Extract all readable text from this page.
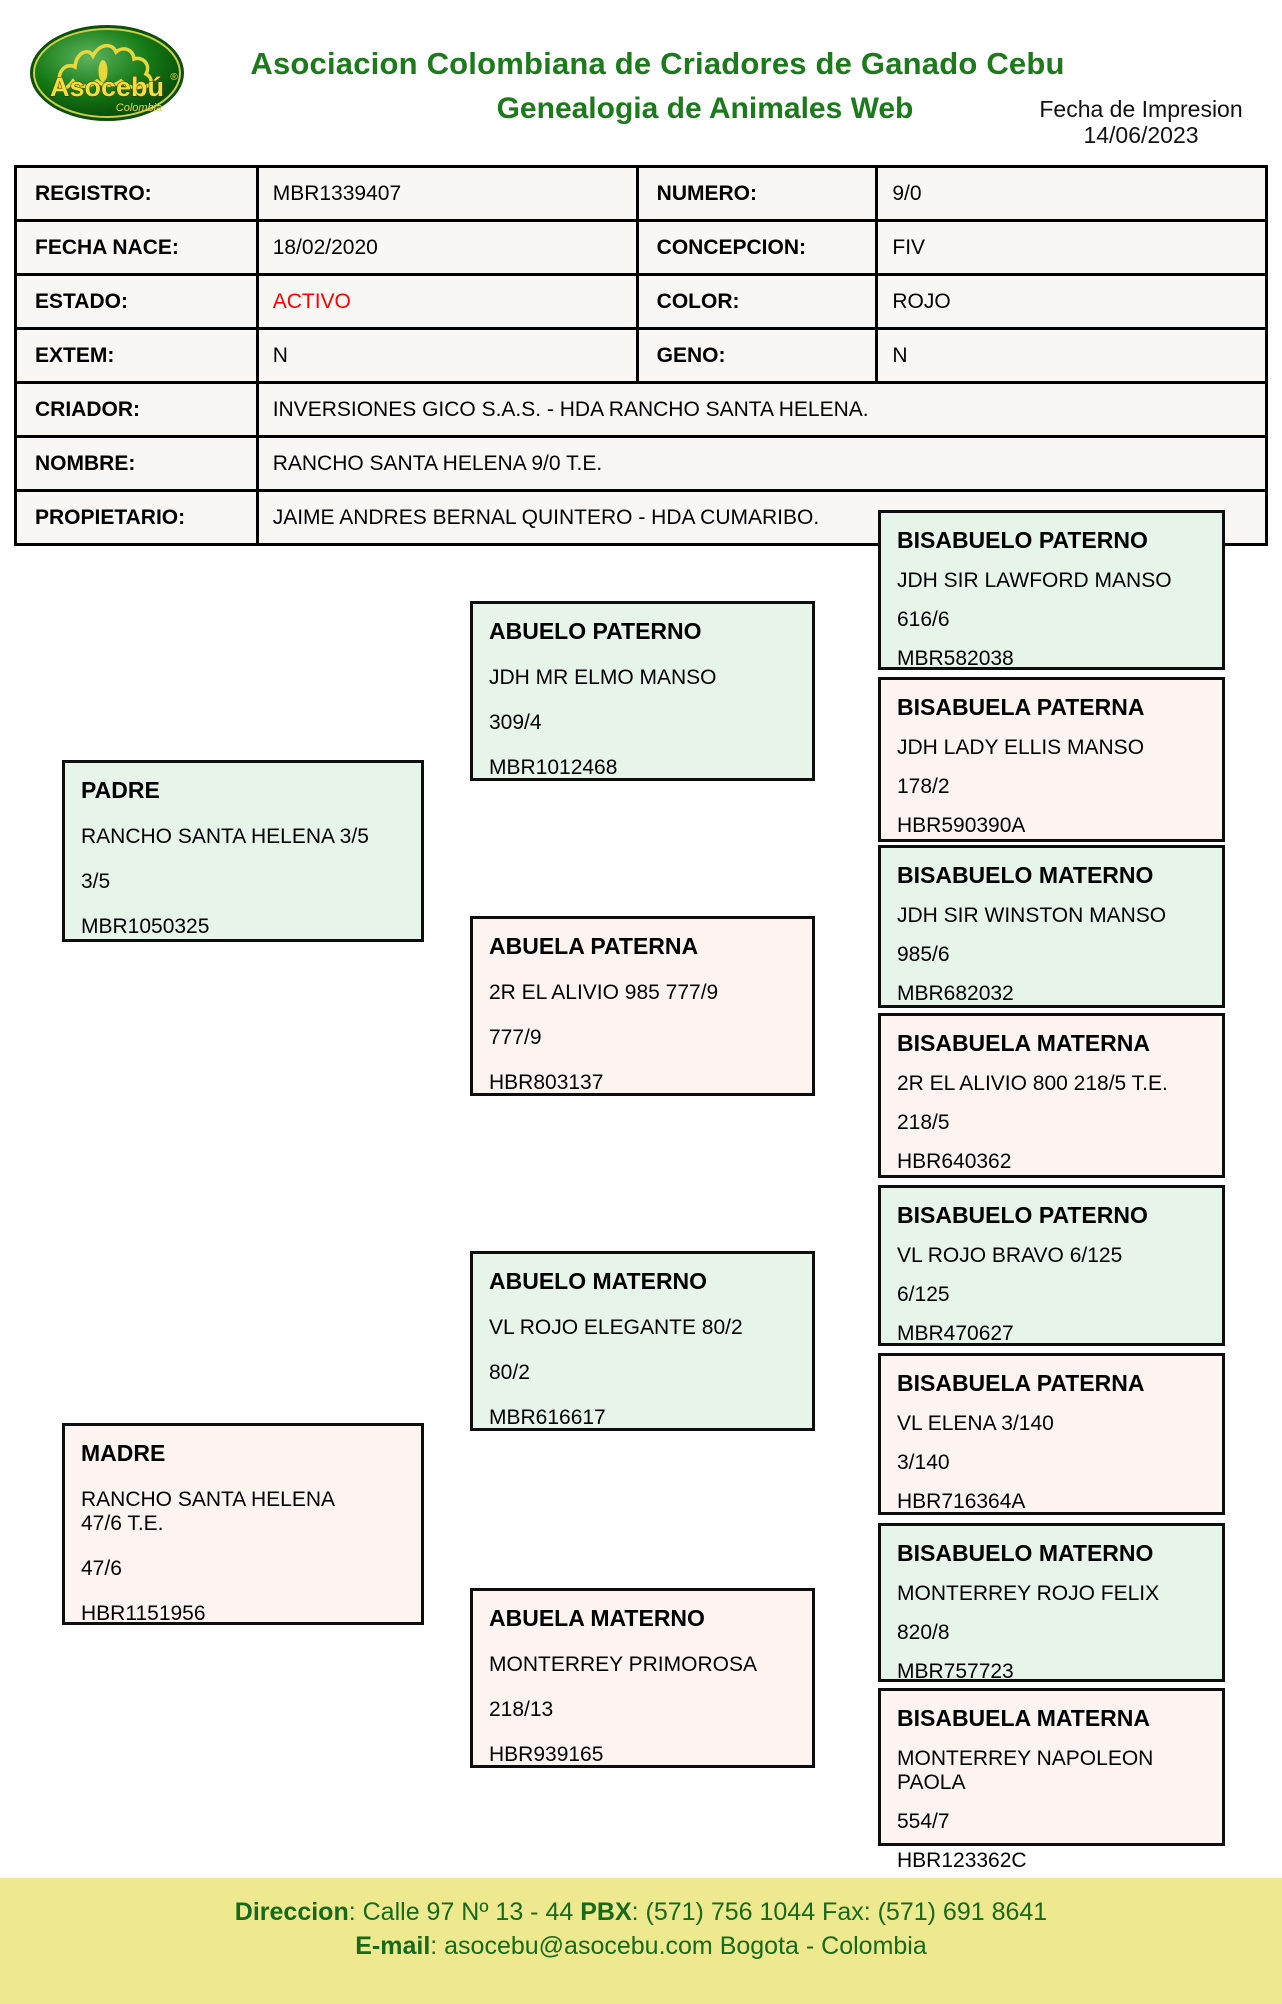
Asocebú ®
Colombia
Asociacion Colombiana de Criadores de Ganado Cebu
Genealogia de Animales Web	Fecha de Impresion
14/06/2023
REGISTRO:	MBR1339407	NUMERO:	9/0
FECHA NACE:	18/02/2020	CONCEPCION:	FIV
ESTADO:	ACTIVO	COLOR:	ROJO
EXTEM:	N	GENO:	N
CRIADOR:	INVERSIONES GICO S.A.S. - HDA RANCHO SANTA HELENA.		
NOMBRE:	RANCHO SANTA HELENA 9/0 T.E.		
PROPIETARIO:	JAIME ANDRES BERNAL QUINTERO - HDA CUMARIBO.		
PADRE
RANCHO SANTA HELENA 3/5
3/5
MBR1050325
ABUELO PATERNO
JDH MR ELMO MANSO
309/4
MBR1012468
ABUELA PATERNA
2R EL ALIVIO 985 777/9
777/9
HBR803137
ABUELO MATERNO
VL ROJO ELEGANTE 80/2
80/2
MBR616617
ABUELA MATERNO
MONTERREY PRIMOROSA
218/13
HBR939165
MADRE
RANCHO SANTA HELENA 47/6 T.E.
47/6
HBR1151956
BISABUELO PATERNO
JDH SIR LAWFORD MANSO
616/6
MBR582038
BISABUELA PATERNA
JDH LADY ELLIS MANSO
178/2
HBR590390A
BISABUELO MATERNO
JDH SIR WINSTON MANSO
985/6
MBR682032
BISABUELA MATERNA
2R EL ALIVIO 800 218/5 T.E.
218/5
HBR640362
BISABUELO PATERNO
VL ROJO BRAVO 6/125
6/125
MBR470627
BISABUELA PATERNA
VL ELENA 3/140
3/140
HBR716364A
BISABUELO MATERNO
MONTERREY ROJO FELIX
820/8
MBR757723
BISABUELA MATERNA
MONTERREY NAPOLEON PAOLA
554/7
HBR123362C
Direccion: Calle 97 Nº 13 - 44 PBX: (571) 756 1044 Fax: (571) 691 8641
E-mail: asocebu@asocebu.com Bogota - Colombia
